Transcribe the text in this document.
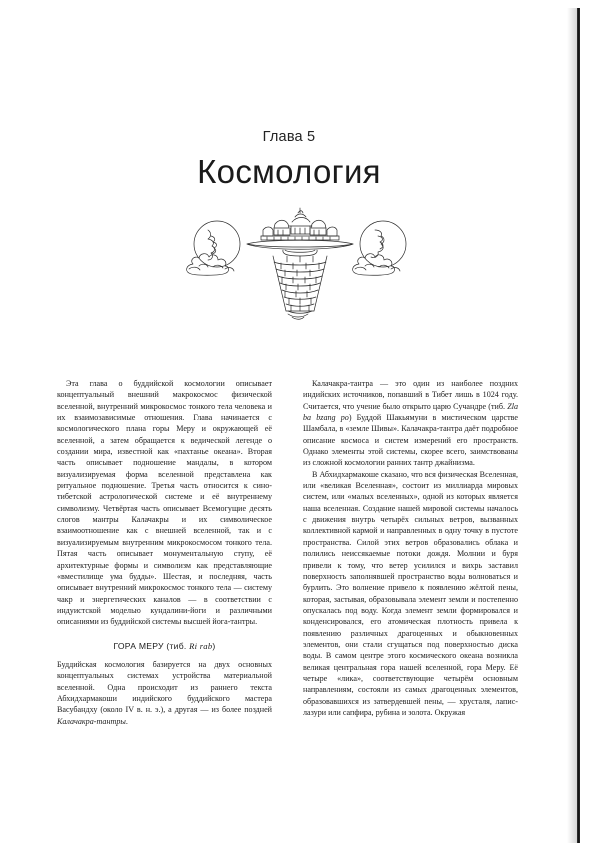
Глава 5
Космология

Эта глава о буддийской космологии описывает концептуальный внешний макрокосмос физической вселенной, внутренний микрокосмос тонкого тела человека и их взаимозависимые отношения. Глава начинается с космологического плана горы Меру и окружающей её вселенной, а затем обращается к ведической легенде о создании мира, известной как «пахтанье океана». Вторая часть описывает подношение мандалы, в котором визуализируемая форма вселенной представлена как ритуальное подношение. Третья часть относится к сино-тибетской астрологической системе и её внутреннему символизму. Четвёртая часть описывает Всемогущие десять слогов мантры Калачакры и их символическое взаимоотношение как с внешней вселенной, так и с визуализируемым внутренним микрокосмосом тонкого тела. Пятая часть описывает монументальную ступу, её архитектурные формы и символизм как представляющие «вместилище ума будды». Шестая, и последняя, часть описывает внутренний микрокосмос тонкого тела — систему чакр и энергетических каналов — в соответствии с индуистской моделью кундалини-йоги и различными описаниями из буддийской системы высшей йога-тантры.

ГОРА МЕРУ (тиб. Ri rab)

Буддийская космология базируется на двух основных концептуальных системах устройства материальной вселенной. Одна происходит из раннего текста Абхидхармакоши индийского буддийского мастера Васубандху (около IV в. н. э.), а другая — из более поздней Калачакра-тантры.

Калачакра-тантра — это один из наиболее поздних индийских источников, попавший в Тибет лишь в 1024 году. Считается, что учение было открыто царю Сучандре (тиб. Zla ba bzang po) Буддой Шакьямуни в мистическом царстве Шамбала, в «земле Шивы». Калачакра-тантра даёт подробное описание космоса и систем измерений его пространств. Однако элементы этой системы, скорее всего, заимствованы из сложной космологии ранних тантр джайнизма.

В Абхидхармакоше сказано, что вся физическая Вселенная, или «великая Вселенная», состоит из миллиарда мировых систем, или «малых вселенных», одной из которых является наша вселенная. Создание нашей мировой системы началось с движения внутрь четырёх сильных ветров, вызванных коллективной кармой и направленных в одну точку в пустоте пространства. Силой этих ветров образовались облака и полились неиссякаемые потоки дождя. Молнии и буря привели к тому, что ветер усилился и вихрь заставил поверхность заполнявшей пространство воды волноваться и бурлить. Это волнение привело к появлению жёлтой пены, которая, застывая, образовывала элемент земли и постепенно опускалась под воду. Когда элемент земли формировался и конденсировался, его атомическая плотность привела к появлению различных драгоценных и обыкновенных элементов, они стали сгущаться под поверхностью диска воды. В самом центре этого космического океана возникла великая центральная гора нашей вселенной, гора Меру. Её четыре «лика», соответствующие четырём основным направлениям, состояли из самых драгоценных элементов, образовавшихся из затвердевшей пены, — хрусталя, лапис-лазури или сапфира, рубина и золота. Окружая
